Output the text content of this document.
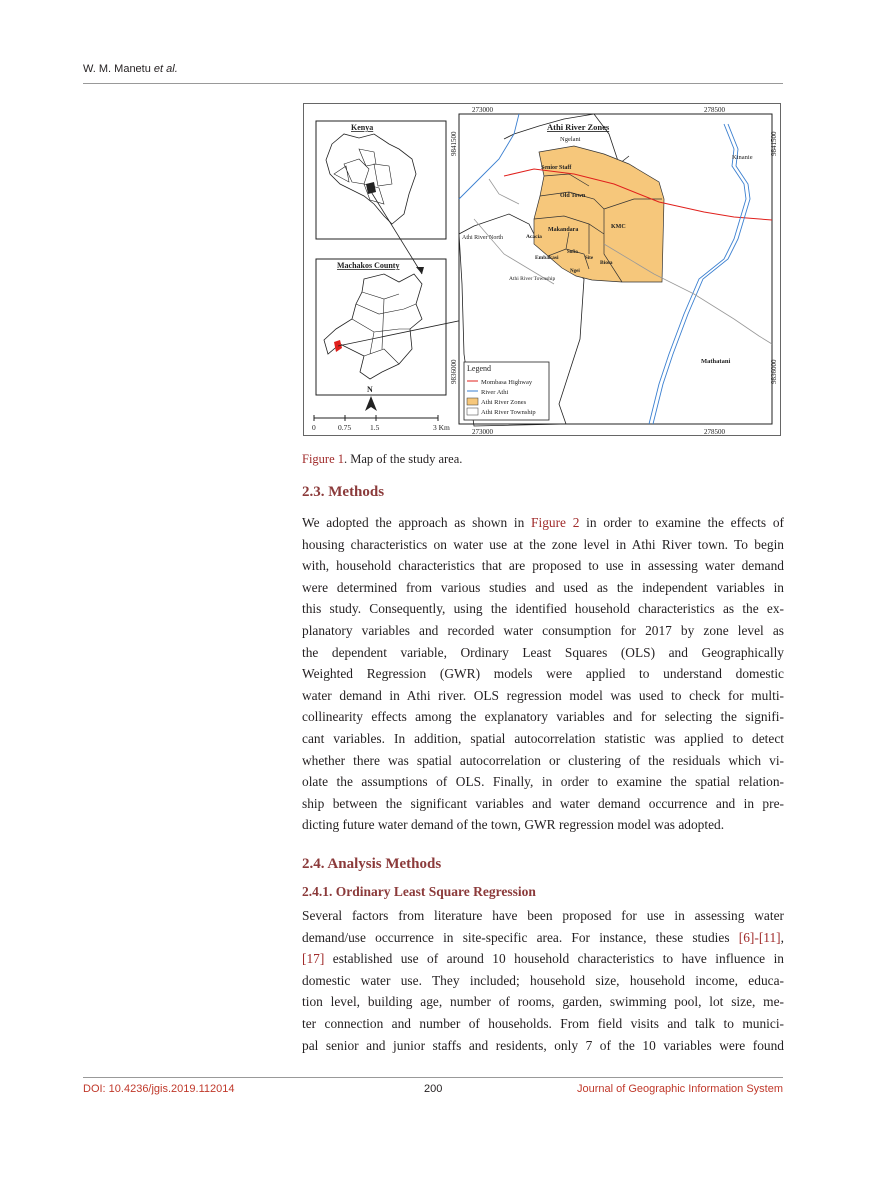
W. M. Manetu et al.
Kenya
Machakos County
N
0	0.75	1.5	3 Km
273000	278500
273000	278500
9841500
9836000
9841500
9836000
Athi River Zones
Ngelani
Senior Staff
Old Town
Makandara	KMC
Acacia
Embakasi
Sofia
Site
Ngei
Biota
Kinanie
Athi River North
Athi River Township
Mathatani
Legend
Mombasa Highway
River Athi
Athi River Zones
Athi River Township
Figure 1. Map of the study area.
2.3. Methods
We adopted the approach as shown in Figure 2 in order to examine the effects of
housing characteristics on water use at the zone level in Athi River town. To begin
with, household characteristics that are proposed to use in assessing water demand
were determined from various studies and used as the independent variables in
this study. Consequently, using the identified household characteristics as the ex-
planatory variables and recorded water consumption for 2017 by zone level as
the dependent variable, Ordinary Least Squares (OLS) and Geographically
Weighted Regression (GWR) models were applied to understand domestic
water demand in Athi river. OLS regression model was used to check for multi-
collinearity effects among the explanatory variables and for selecting the signifi-
cant variables. In addition, spatial autocorrelation statistic was applied to detect
whether there was spatial autocorrelation or clustering of the residuals which vi-
olate the assumptions of OLS. Finally, in order to examine the spatial relation-
ship between the significant variables and water demand occurrence and in pre-
dicting future water demand of the town, GWR regression model was adopted.
2.4. Analysis Methods
2.4.1. Ordinary Least Square Regression
Several factors from literature have been proposed for use in assessing water
demand/use occurrence in site-specific area. For instance, these studies [6]-[11],
[17] established use of around 10 household characteristics to have influence in
domestic water use. They included; household size, household income, educa-
tion level, building age, number of rooms, garden, swimming pool, lot size, me-
ter connection and number of households. From field visits and talk to munici-
pal senior and junior staffs and residents, only 7 of the 10 variables were found
DOI: 10.4236/jgis.2019.112014	200	Journal of Geographic Information System
